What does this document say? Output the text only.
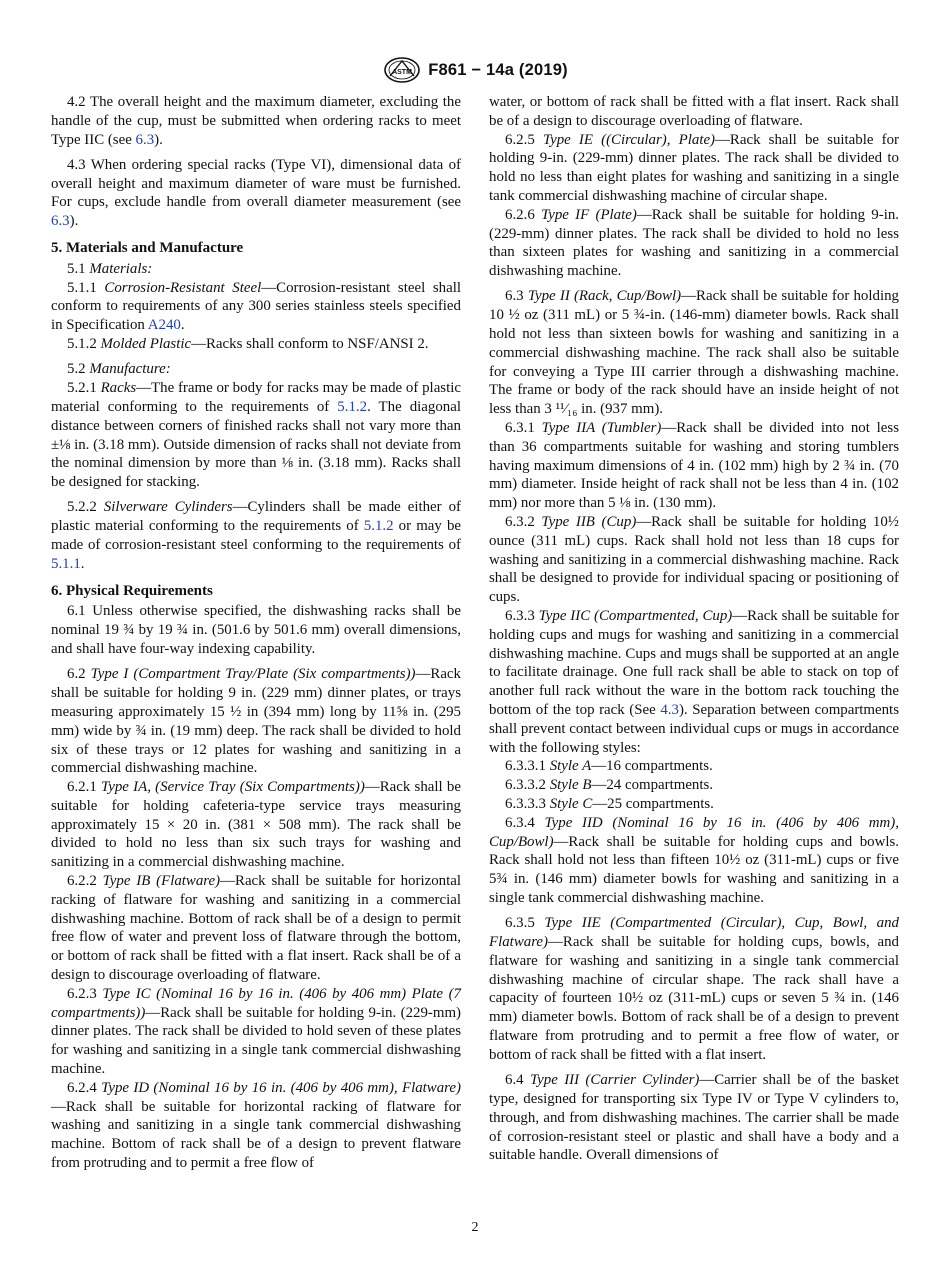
ASTM F861 − 14a (2019)

4.2 The overall height and the maximum diameter, excluding the handle of the cup, must be submitted when ordering racks to meet Type IIC (see 6.3).

4.3 When ordering special racks (Type VI), dimensional data of overall height and maximum diameter of ware must be furnished. For cups, exclude handle from overall diameter measurement (see 6.3).

5. Materials and Manufacture

5.1 Materials:

5.1.1 Corrosion-Resistant Steel—Corrosion-resistant steel shall conform to requirements of any 300 series stainless steels specified in Specification A240.

5.1.2 Molded Plastic—Racks shall conform to NSF/ANSI 2.

5.2 Manufacture:

5.2.1 Racks—The frame or body for racks may be made of plastic material conforming to the requirements of 5.1.2. The diagonal distance between corners of finished racks shall not vary more than ±⅛ in. (3.18 mm). Outside dimension of racks shall not deviate from the nominal dimension by more than ⅛ in. (3.18 mm). Racks shall be designed for stacking.

5.2.2 Silverware Cylinders—Cylinders shall be made either of plastic material conforming to the requirements of 5.1.2 or may be made of corrosion-resistant steel conforming to the requirements of 5.1.1.

6. Physical Requirements

6.1 Unless otherwise specified, the dishwashing racks shall be nominal 19 ¾ by 19 ¾ in. (501.6 by 501.6 mm) overall dimensions, and shall have four-way indexing capability.

6.2 Type I (Compartment Tray/Plate (Six compartments))—Rack shall be suitable for holding 9 in. (229 mm) dinner plates, or trays measuring approximately 15 ½ in (394 mm) long by 11⅝ in. (295 mm) wide by ¾ in. (19 mm) deep. The rack shall be divided to hold six of these trays or 12 plates for washing and sanitizing in a commercial dishwashing machine.

6.2.1 Type IA, (Service Tray (Six Compartments))—Rack shall be suitable for holding cafeteria-type service trays measuring approximately 15 × 20 in. (381 × 508 mm). The rack shall be divided to hold no less than six such trays for washing and sanitizing in a commercial dishwashing machine.

6.2.2 Type IB (Flatware)—Rack shall be suitable for horizontal racking of flatware for washing and sanitizing in a commercial dishwashing machine. Bottom of rack shall be of a design to permit free flow of water and prevent loss of flatware through the bottom, or bottom of rack shall be fitted with a flat insert. Rack shall be of a design to discourage overloading of flatware.

6.2.3 Type IC (Nominal 16 by 16 in. (406 by 406 mm) Plate (7 compartments))—Rack shall be suitable for holding 9-in. (229-mm) dinner plates. The rack shall be divided to hold seven of these plates for washing and sanitizing in a single tank commercial dishwashing machine.

6.2.4 Type ID (Nominal 16 by 16 in. (406 by 406 mm), Flatware)—Rack shall be suitable for horizontal racking of flatware for washing and sanitizing in a single tank commercial dishwashing machine. Bottom of rack shall be of a design to prevent flatware from protruding and to permit a free flow of

water, or bottom of rack shall be fitted with a flat insert. Rack shall be of a design to discourage overloading of flatware.

6.2.5 Type IE ((Circular), Plate)—Rack shall be suitable for holding 9-in. (229-mm) dinner plates. The rack shall be divided to hold no less than eight plates for washing and sanitizing in a single tank commercial dishwashing machine of circular shape.

6.2.6 Type IF (Plate)—Rack shall be suitable for holding 9-in. (229-mm) dinner plates. The rack shall be divided to hold no less than sixteen plates for washing and sanitizing in a commercial dishwashing machine.

6.3 Type II (Rack, Cup/Bowl)—Rack shall be suitable for holding 10 ½ oz (311 mL) or 5 ¾-in. (146-mm) diameter bowls. Rack shall hold not less than sixteen bowls for washing and sanitizing in a commercial dishwashing machine. The rack shall also be suitable for conveying a Type III carrier through a dishwashing machine. The frame or body of the rack should have an inside height of not less than 3 ¹¹⁄₁₆ in. (937 mm).

6.3.1 Type IIA (Tumbler)—Rack shall be divided into not less than 36 compartments suitable for washing and storing tumblers having maximum dimensions of 4 in. (102 mm) high by 2 ¾ in. (70 mm) diameter. Inside height of rack shall not be less than 4 in. (102 mm) nor more than 5 ⅛ in. (130 mm).

6.3.2 Type IIB (Cup)—Rack shall be suitable for holding 10½ ounce (311 mL) cups. Rack shall hold not less than 18 cups for washing and sanitizing in a commercial dishwashing machine. Rack shall be designed to provide for individual spacing or positioning of cups.

6.3.3 Type IIC (Compartmented, Cup)—Rack shall be suitable for holding cups and mugs for washing and sanitizing in a commercial dishwashing machine. Cups and mugs shall be supported at an angle to facilitate drainage. One full rack shall be able to stack on top of another full rack without the ware in the bottom rack touching the bottom of the top rack (See 4.3). Separation between compartments shall prevent contact between individual cups or mugs in accordance with the following styles:

6.3.3.1 Style A—16 compartments.

6.3.3.2 Style B—24 compartments.

6.3.3.3 Style C—25 compartments.

6.3.4 Type IID (Nominal 16 by 16 in. (406 by 406 mm), Cup/Bowl)—Rack shall be suitable for holding cups and bowls. Rack shall hold not less than fifteen 10½ oz (311-mL) cups or five 5¾ in. (146 mm) diameter bowls for washing and sanitizing in a single tank commercial dishwashing machine.

6.3.5 Type IIE (Compartmented (Circular), Cup, Bowl, and Flatware)—Rack shall be suitable for holding cups, bowls, and flatware for washing and sanitizing in a single tank commercial dishwashing machine of circular shape. The rack shall have a capacity of fourteen 10½ oz (311-mL) cups or seven 5 ¾ in. (146 mm) diameter bowls. Bottom of rack shall be of a design to prevent flatware from protruding and to permit a free flow of water, or bottom of rack shall be fitted with a flat insert.

6.4 Type III (Carrier Cylinder)—Carrier shall be of the basket type, designed for transporting six Type IV or Type V cylinders to, through, and from dishwashing machines. The carrier shall be made of corrosion-resistant steel or plastic and shall have a body and a suitable handle. Overall dimensions of

2
